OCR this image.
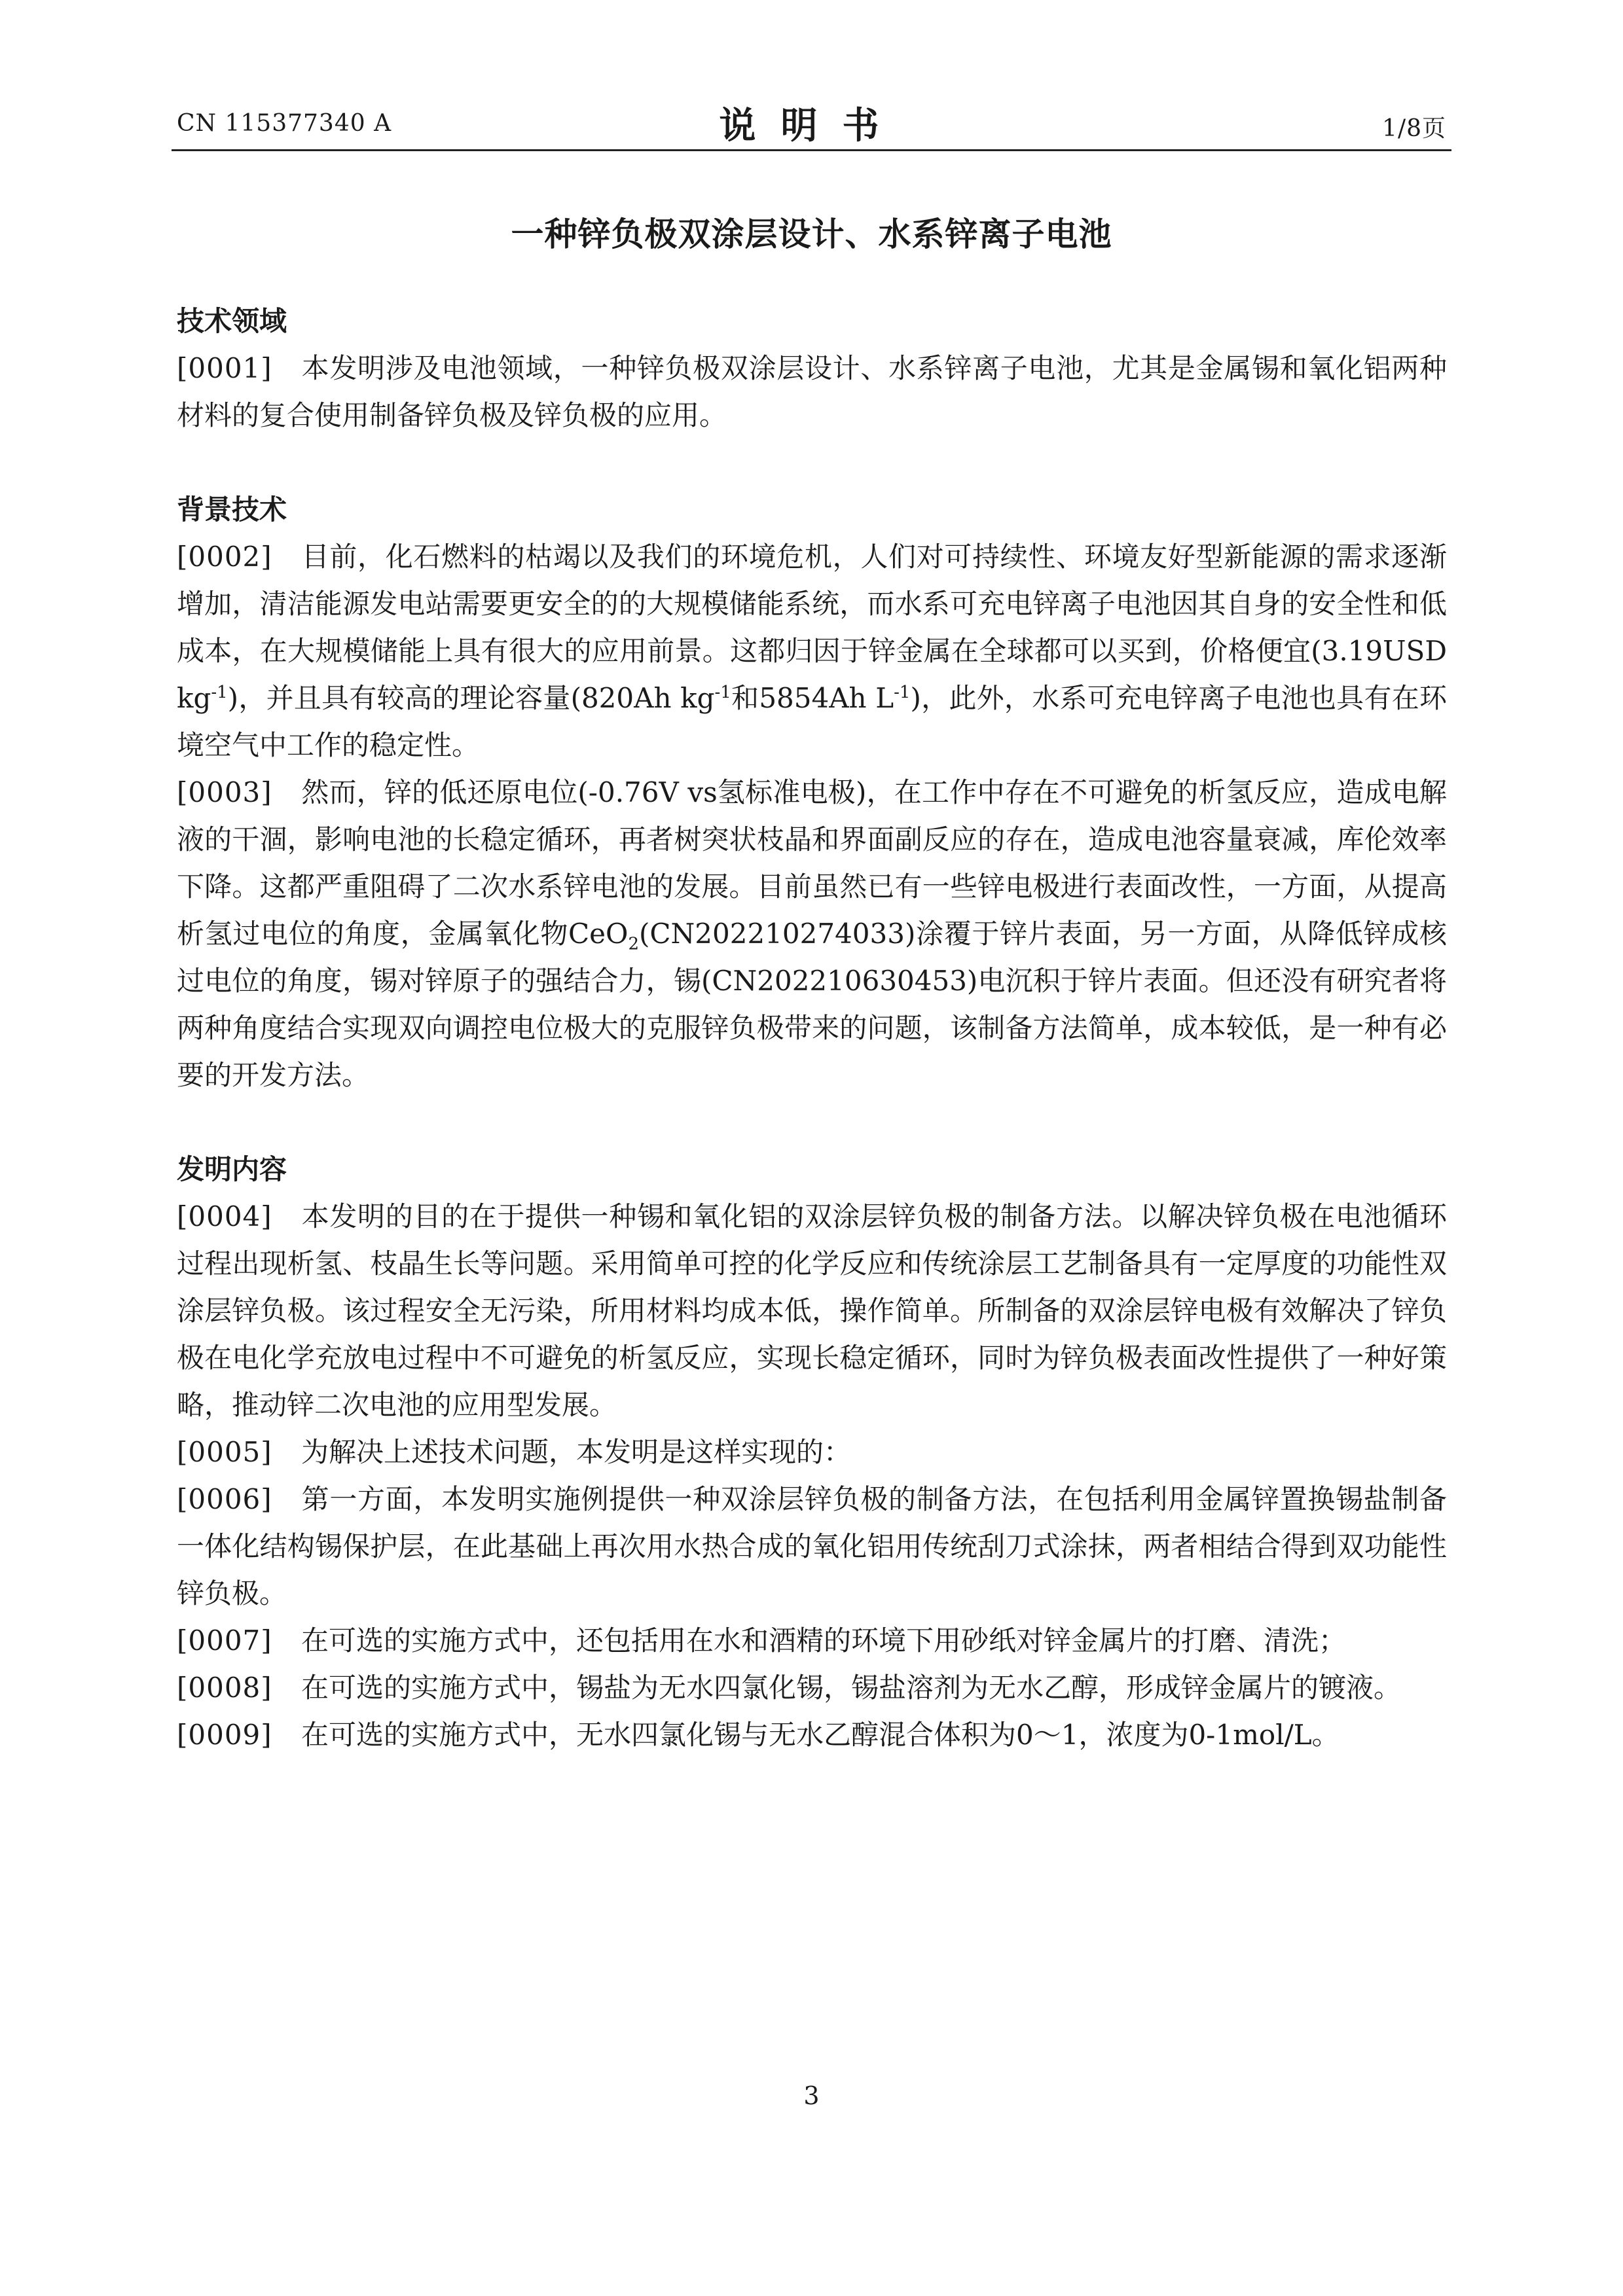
CN 115377340 A	说明书	1/8页
一种锌负极双涂层设计、水系锌离子电池

技术领域

[0001] 本发明涉及电池领域，一种锌负极双涂层设计、水系锌离子电池，尤其是金属锡和氧化铝两种材料的复合使用制备锌负极及锌负极的应用。

背景技术

[0002] 目前，化石燃料的枯竭以及我们的环境危机，人们对可持续性、环境友好型新能源的需求逐渐增加，清洁能源发电站需要更安全的的大规模储能系统，而水系可充电锌离子电池因其自身的安全性和低成本，在大规模储能上具有很大的应用前景。这都归因于锌金属在全球都可以买到，价格便宜(3.19USD $kg^{-1}$)，并且具有较高的理论容量(820Ah $kg^{-1}$和5854Ah $L^{-1}$)，此外，水系可充电锌离子电池也具有在环境空气中工作的稳定性。

[0003] 然而，锌的低还原电位(-0.76V vs氢标准电极)，在工作中存在不可避免的析氢反应，造成电解液的干涸，影响电池的长稳定循环，再者树突状枝晶和界面副反应的存在，造成电池容量衰减，库伦效率下降。这都严重阻碍了二次水系锌电池的发展。目前虽然已有一些锌电极进行表面改性，一方面，从提高析氢过电位的角度，金属氧化物CeO$_2$(CN202210274033)涂覆于锌片表面，另一方面，从降低锌成核过电位的角度，锡对锌原子的强结合力，锡(CN202210630453)电沉积于锌片表面。但还没有研究者将两种角度结合实现双向调控电位极大的克服锌负极带来的问题，该制备方法简单，成本较低，是一种有必要的开发方法。

发明内容

[0004] 本发明的目的在于提供一种锡和氧化铝的双涂层锌负极的制备方法。以解决锌负极在电池循环过程出现析氢、枝晶生长等问题。采用简单可控的化学反应和传统涂层工艺制备具有一定厚度的功能性双涂层锌负极。该过程安全无污染，所用材料均成本低，操作简单。所制备的双涂层锌电极有效解决了锌负极在电化学充放电过程中不可避免的析氢反应，实现长稳定循环，同时为锌负极表面改性提供了一种好策略，推动锌二次电池的应用型发展。

[0005] 为解决上述技术问题，本发明是这样实现的：

[0006] 第一方面，本发明实施例提供一种双涂层锌负极的制备方法，在包括利用金属锌置换锡盐制备一体化结构锡保护层，在此基础上再次用水热合成的氧化铝用传统刮刀式涂抹，两者相结合得到双功能性锌负极。

[0007] 在可选的实施方式中，还包括用在水和酒精的环境下用砂纸对锌金属片的打磨、清洗；

[0008] 在可选的实施方式中，锡盐为无水四氯化锡，锡盐溶剂为无水乙醇，形成锌金属片的镀液。

[0009] 在可选的实施方式中，无水四氯化锡与无水乙醇混合体积为0～1，浓度为0-1mol/L。

3
